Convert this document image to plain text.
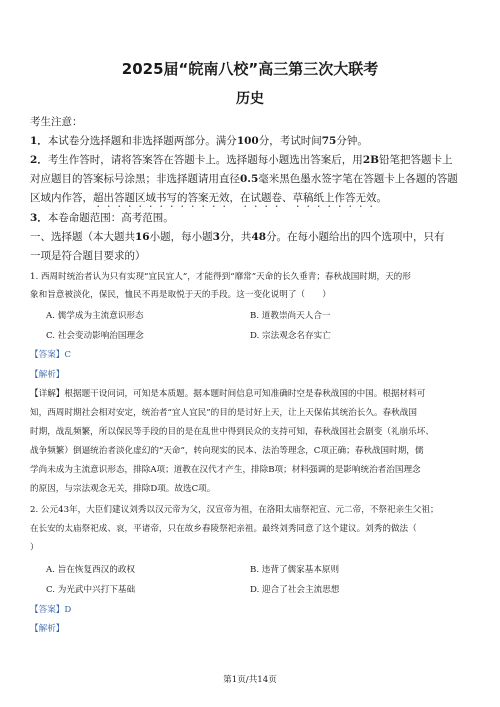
2025届“皖南八校”高三第三次大联考
历史
考生注意：
1．本试卷分选择题和非选择题两部分。满分100分，考试时间75分钟。
2．考生作答时，请将答案答在答题卡上。选择题每小题选出答案后，用2B铅笔把答题卡上
对应题目的答案标号涂黑；非选择题请用直径0.5毫米黑色墨水签字笔在答题卡上各题的答题
区域内作答，超出答题区域书写的答案无效，在试题卷、草稿纸上作答无效。
3．本卷命题范围：高考范围。
一、选择题（本大题共16小题，每小题3分，共48分。在每小题给出的四个选项中，只有
一项是符合题目要求的）
1. 西周时统治者认为只有实现“宜民宜人”，才能得到“靡常”天命的长久垂青；春秋战国时期，天的形
象和旨意被淡化，保民，恤民不再是取悦于天的手段。这一变化说明了（　　）
A. 儒学成为主流意识形态	B. 道教崇尚天人合一
C. 社会变动影响治国理念	D. 宗法观念名存实亡
【答案】C
【解析】
【详解】根据题干设问词，可知是本质题。据本题时间信息可知准确时空是春秋战国的中国。根据材料可
知，西周时期社会相对安定，统治者“宜人宜民”的目的是讨好上天，让上天保佑其统治长久。春秋战国
时期，战乱频繁，所以保民等手段的目的是在乱世中得到民众的支持可知，春秋战国社会剧变（礼崩乐坏、
战争频繁）倒逼统治者淡化虚幻的“天命”，转向现实的民本、法治等理念，C项正确；春秋战国时期，儒
学尚未成为主流意识形态，排除A项；道教在汉代才产生，排除B项；材料强调的是影响统治者治国理念
的原因，与宗法观念无关，排除D项。故选C项。
2. 公元43年，大臣们建议刘秀以汉元帝为父，汉宣帝为祖，在洛阳太庙祭祀宣、元二帝，不祭祀亲生父祖；
在长安的太庙祭祀成、哀，平诸帝，只在故乡舂陵祭祀亲祖。最终刘秀同意了这个建议。刘秀的做法（
）
A. 旨在恢复西汉的政权	B. 违背了儒家基本原则
C. 为光武中兴打下基础	D. 迎合了社会主流思想
【答案】D
【解析】
第1页/共14页
